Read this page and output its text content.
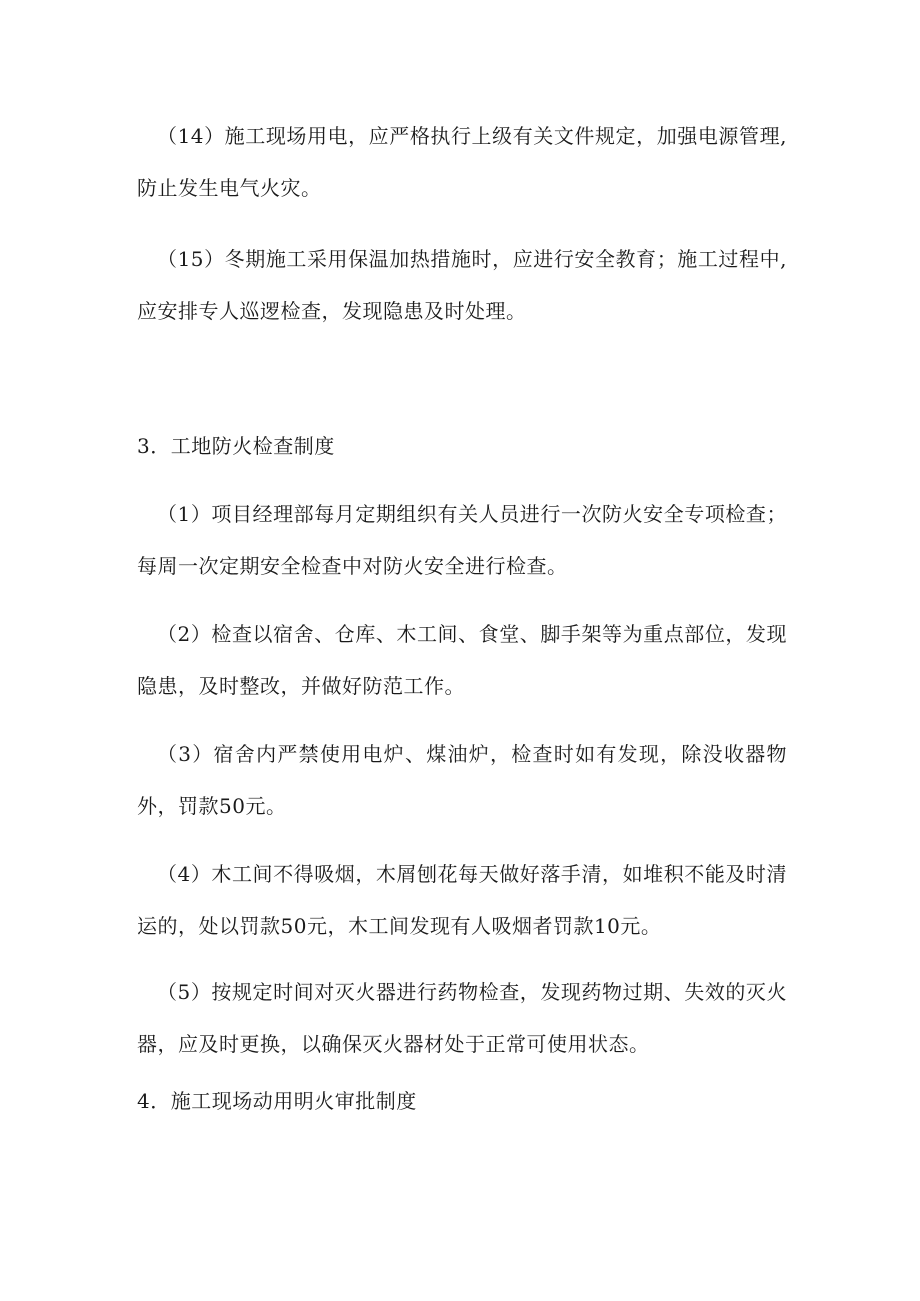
（14）施工现场用电，应严格执行上级有关文件规定，加强电源管理,防止发生电气火灾。

（15）冬期施工采用保温加热措施时，应进行安全教育；施工过程中,应安排专人巡逻检查，发现隐患及时处理。

3．工地防火检查制度

（1）项目经理部每月定期组织有关人员进行一次防火安全专项检查；每周一次定期安全检查中对防火安全进行检查。

（2）检查以宿舍、仓库、木工间、食堂、脚手架等为重点部位，发现隐患，及时整改，并做好防范工作。

（3）宿舍内严禁使用电炉、煤油炉，检查时如有发现，除没收器物外，罚款50元。

（4）木工间不得吸烟，木屑刨花每天做好落手清，如堆积不能及时清运的，处以罚款50元，木工间发现有人吸烟者罚款10元。

（5）按规定时间对灭火器进行药物检查，发现药物过期、失效的灭火器，应及时更换，以确保灭火器材处于正常可使用状态。

4．施工现场动用明火审批制度
